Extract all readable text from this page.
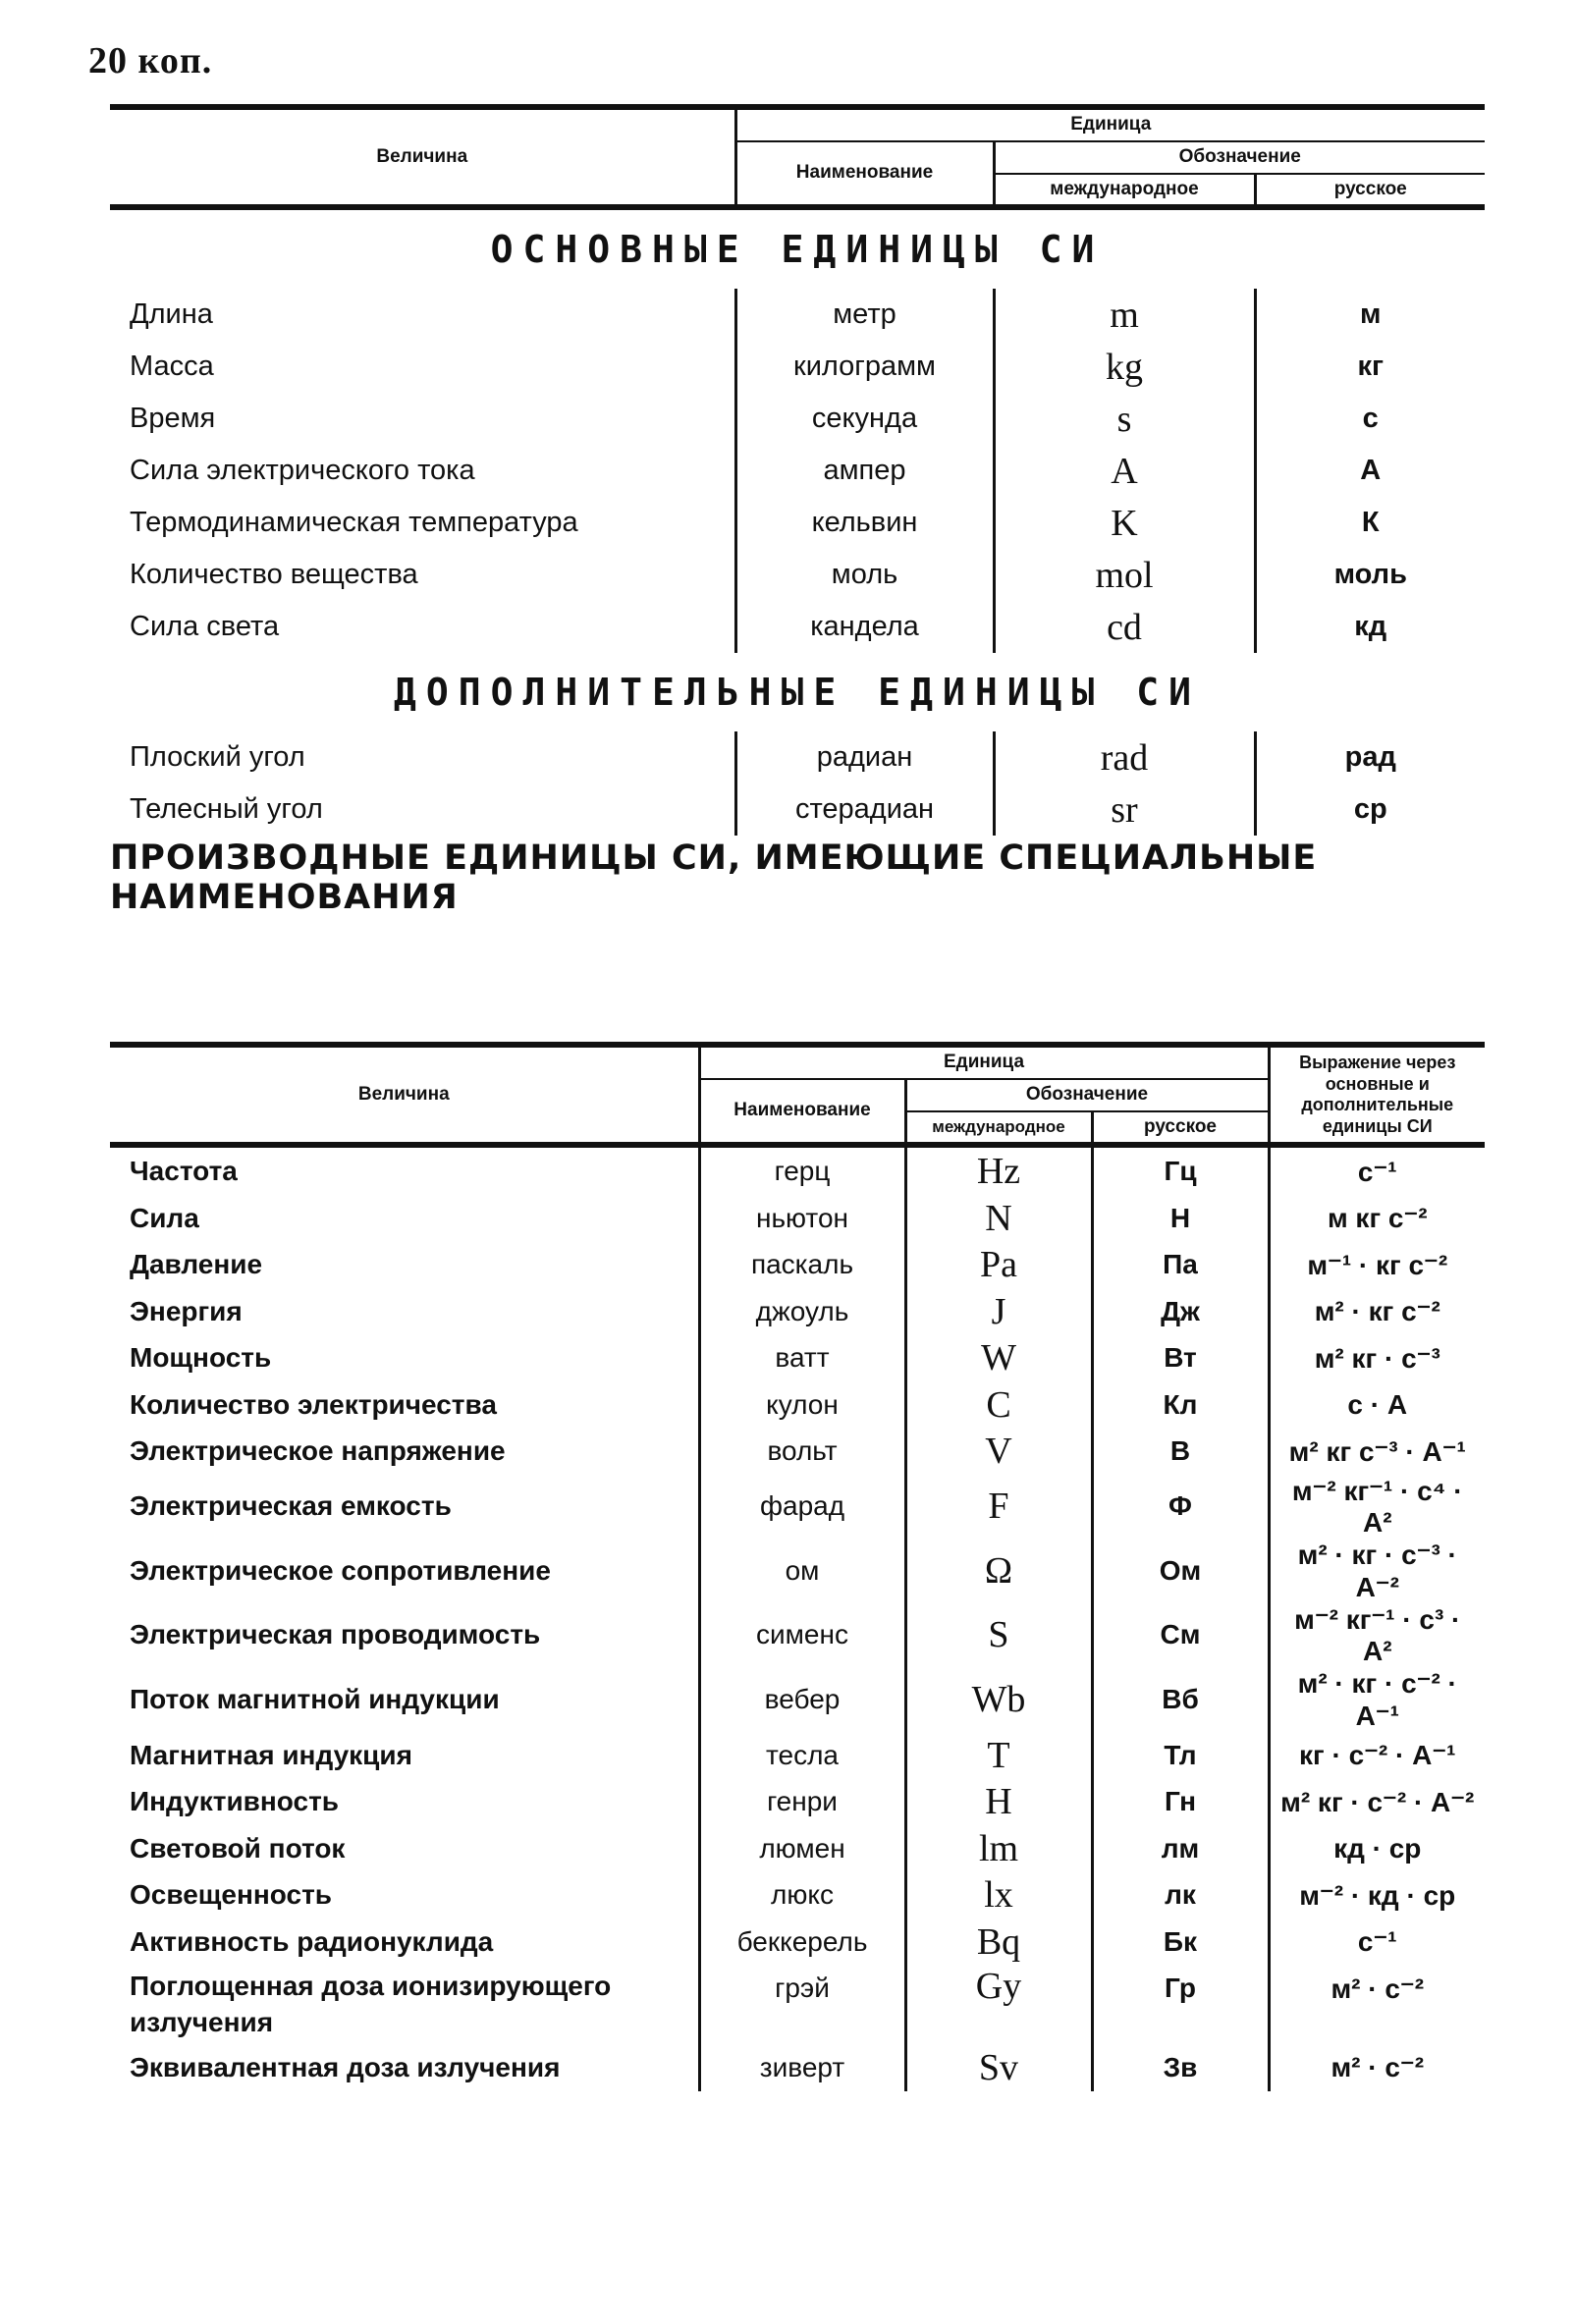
20 коп.
Величина	Единица		
	Наименование	Обозначение	
		международное	русское
ОСНОВНЫЕ ЕДИНИЦЫ СИ			
Длина	метр	m	м
Масса	килограмм	kg	кг
Время	секунда	s	с
Сила электрического тока	ампер	A	А
Термодинамическая температура	кельвин	K	К
Количество вещества	моль	mol	моль
Сила света	кандела	cd	кд
ДОПОЛНИТЕЛЬНЫЕ ЕДИНИЦЫ СИ			
Плоский угол	радиан	rad	рад
Телесный угол	стерадиан	sr	ср
ПРОИЗВОДНЫЕ ЕДИНИЦЫ СИ, ИМЕЮЩИЕ СПЕЦИАЛЬНЫЕ НАИМЕНОВАНИЯ			
Величина	Единица			Выражение через основные и дополнительные единицы СИ
	Наименование	Обозначение		
		международное	русское	
Частота	герц	Hz	Гц	с⁻¹
Сила	ньютон	N	Н	м кг с⁻²
Давление	паскаль	Pa	Па	м⁻¹ · кг с⁻²
Энергия	джоуль	J	Дж	м² · кг с⁻²
Мощность	ватт	W	Вт	м² кг · с⁻³
Количество электричества	кулон	C	Кл	с · А
Электрическое напряжение	вольт	V	В	м² кг с⁻³ · А⁻¹
Электрическая емкость	фарад	F	Ф	м⁻² кг⁻¹ · с⁴ · А²
Электрическое сопротивление	ом	Ω	Ом	м² · кг · с⁻³ · А⁻²
Электрическая проводимость	сименс	S	См	м⁻² кг⁻¹ · с³ · А²
Поток магнитной индукции	вебер	Wb	Вб	м² · кг · с⁻² · А⁻¹
Магнитная индукция	тесла	T	Тл	кг · с⁻² · А⁻¹
Индуктивность	генри	H	Гн	м² кг · с⁻² · А⁻²
Световой поток	люмен	lm	лм	кд · ср
Освещенность	люкс	lx	лк	м⁻² · кд · ср
Активность радионуклида	беккерель	Bq	Бк	с⁻¹
Поглощенная доза ионизирующего излучения	грэй	Gy	Гр	м² · с⁻²
Эквивалентная доза излучения	зиверт	Sv	Зв	м² · с⁻²
